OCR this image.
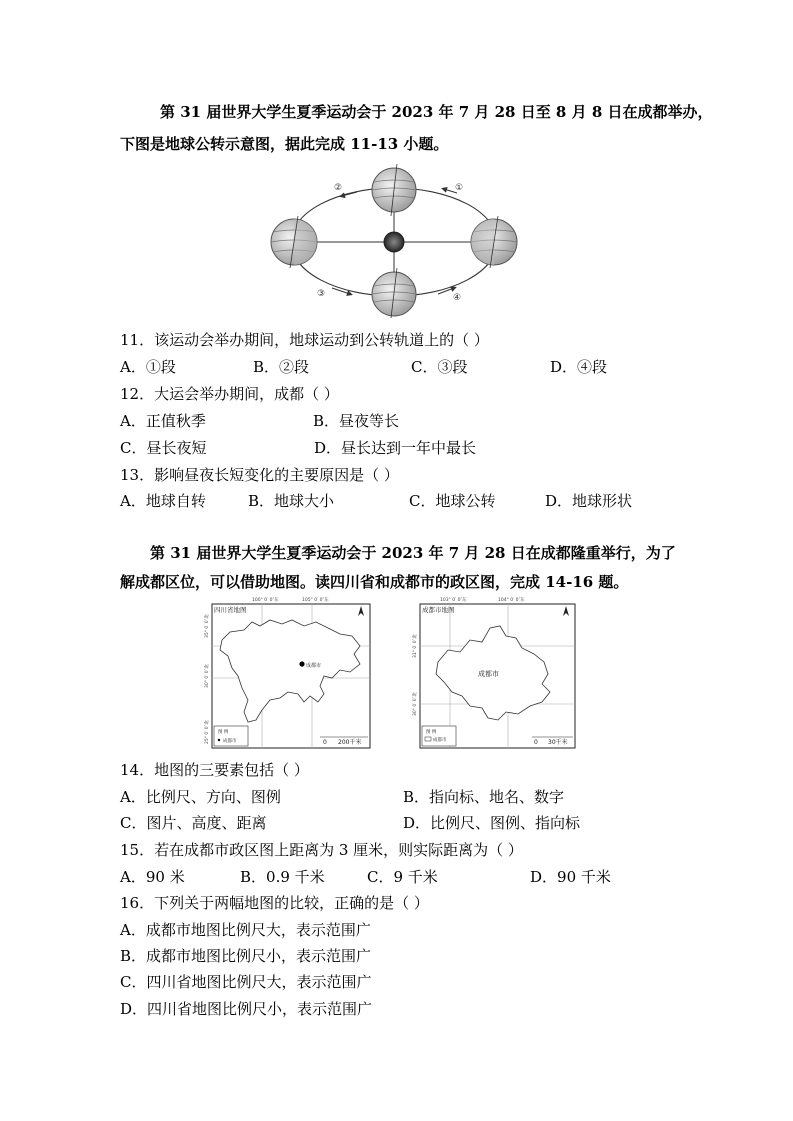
第 31 届世界大学生夏季运动会于 2023 年 7 月 28 日至 8 月 8 日在成都举办，
下图是地球公转示意图，据此完成 11-13 小题。
②	①
③	④
11．该运动会举办期间，地球运动到公转轨道上的（ ）
A．①段	B．②段	C．③段	D．④段
12．大运会举办期间，成都（ ）
A．正值秋季	B．昼夜等长
C．昼长夜短	D．昼长达到一年中最长
13．影响昼夜长短变化的主要原因是（ ）
A．地球自转	B．地球大小	C．地球公转	D．地球形状
第 31 届世界大学生夏季运动会于 2023 年 7 月 28 日在成都隆重举行，为了
解成都区位，可以借助地图。读四川省和成都市的政区图，完成 14-16 题。
四川省地图
100° 0′ 0″东	105° 0′ 0″东
35° 0′ 0″北
30° 0′ 0″北
25° 0′ 0″北
成都市
图 例
成都市	0 200千米
成都市地图
103° 0′ 0″东	104° 0′ 0″东
31° 0′ 0″北
30° 0′ 0″北
成都市
图 例
成都市	0 30千米
14．地图的三要素包括（ ）
A．比例尺、方向、图例	B．指向标、地名、数字
C．图片、高度、距离	D．比例尺、图例、指向标
15．若在成都市政区图上距离为 3 厘米，则实际距离为（ ）
A．90 米	B．0.9 千米	C．9 千米	D．90 千米
16．下列关于两幅地图的比较，正确的是（ ）
A．成都市地图比例尺大，表示范围广
B．成都市地图比例尺小，表示范围广
C．四川省地图比例尺大，表示范围广
D．四川省地图比例尺小，表示范围广
